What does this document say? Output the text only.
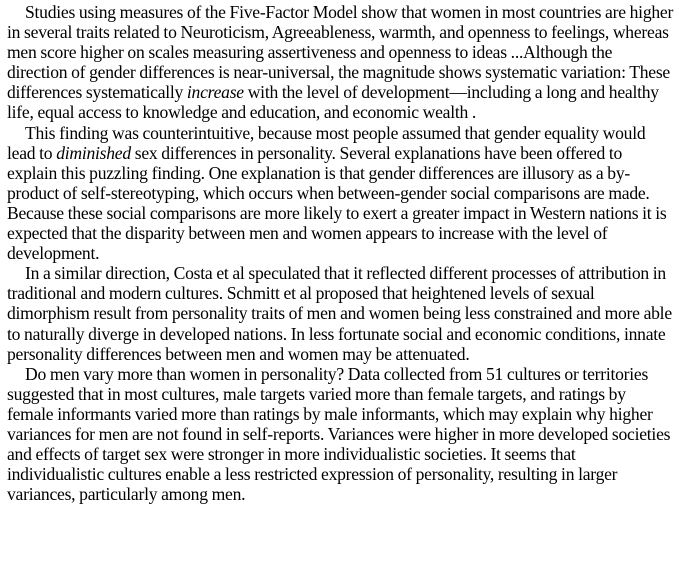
Studies using measures of the Five-Factor Model show that women in most countries are higher in several traits related to Neuroticism, Agreeableness, warmth, and openness to feelings, whereas men score higher on scales measuring assertiveness and openness to ideas ...Although the direction of gender differences is near-universal, the magnitude shows systematic variation: These differences systematically increase with the level of development—including a long and healthy life, equal access to knowledge and education, and economic wealth .

This finding was counterintuitive, because most people assumed that gender equality would lead to diminished sex differences in personality. Several explanations have been offered to explain this puzzling finding. One explanation is that gender differences are illusory as a by-product of self-stereotyping, which occurs when between-gender social comparisons are made. Because these social comparisons are more likely to exert a greater impact in Western nations it is expected that the disparity between men and women appears to increase with the level of development.

In a similar direction, Costa et al speculated that it reflected different processes of attribution in traditional and modern cultures. Schmitt et al proposed that heightened levels of sexual dimorphism result from personality traits of men and women being less constrained and more able to naturally diverge in developed nations. In less fortunate social and economic conditions, innate personality differences between men and women may be attenuated.

Do men vary more than women in personality? Data collected from 51 cultures or territories suggested that in most cultures, male targets varied more than female targets, and ratings by female informants varied more than ratings by male informants, which may explain why higher variances for men are not found in self-reports. Variances were higher in more developed societies and effects of target sex were stronger in more individualistic societies. It seems that individualistic cultures enable a less restricted expression of personality, resulting in larger variances, particularly among men.
